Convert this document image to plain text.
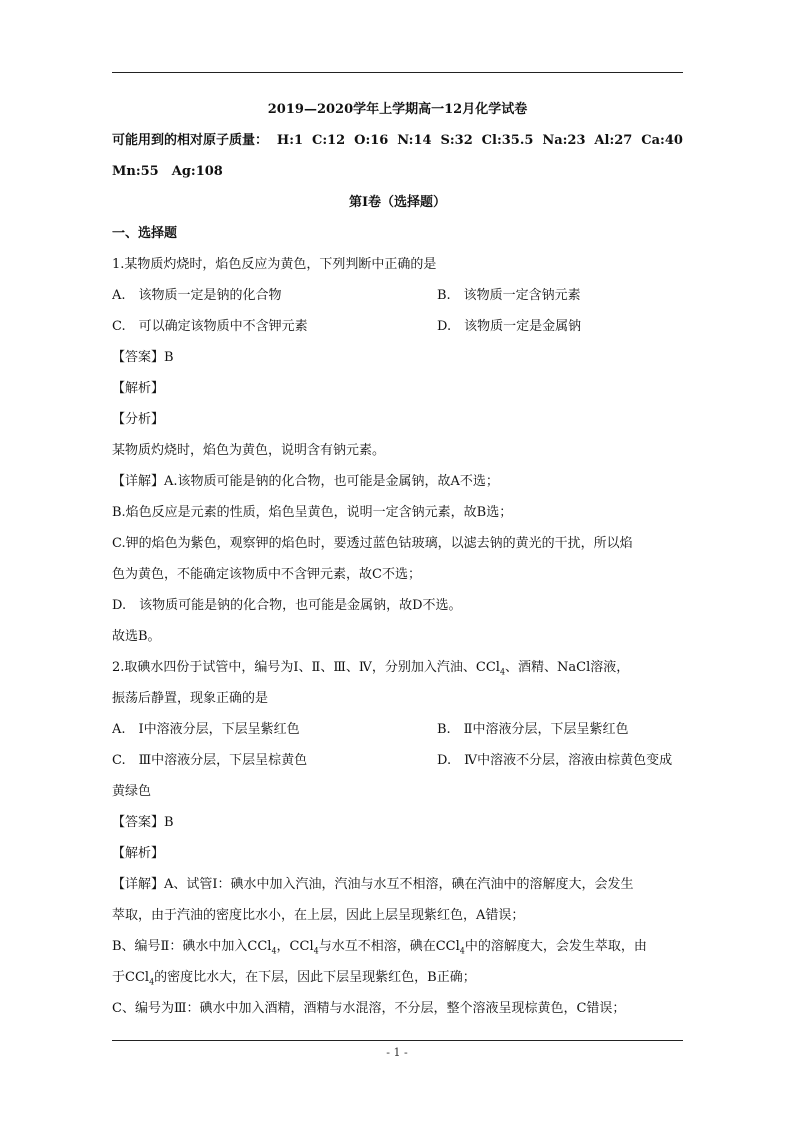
2019—2020学年上学期高一12月化学试卷
可能用到的相对原子质量： H:1 C:12 O:16 N:14 S:32 Cl:35.5 Na:23 Al:27 Ca:40
Mn:55　Ag:108
第Ⅰ卷（选择题）
一、选择题
1.某物质灼烧时，焰色反应为黄色，下列判断中正确的是
A.　该物质一定是钠的化合物	B.　该物质一定含钠元素
C.　可以确定该物质中不含钾元素	D.　该物质一定是金属钠
【答案】B
【解析】
【分析】
某物质灼烧时，焰色为黄色，说明含有钠元素。
【详解】A.该物质可能是钠的化合物，也可能是金属钠，故A不选；
B.焰色反应是元素的性质，焰色呈黄色，说明一定含钠元素，故B选；
C.钾的焰色为紫色，观察钾的焰色时，要透过蓝色钴玻璃，以滤去钠的黄光的干扰，所以焰
色为黄色，不能确定该物质中不含钾元素，故C不选；
D.　该物质可能是钠的化合物，也可能是金属钠，故D不选。
故选B。
2.取碘水四份于试管中，编号为Ⅰ、Ⅱ、Ⅲ、Ⅳ，分别加入汽油、CCl$_4$、酒精、NaCl溶液，
振荡后静置，现象正确的是
A.　Ⅰ中溶液分层，下层呈紫红色	B.　Ⅱ中溶液分层，下层呈紫红色
C.　Ⅲ中溶液分层，下层呈棕黄色	D.　Ⅳ中溶液不分层，溶液由棕黄色变成
黄绿色
【答案】B
【解析】
【详解】A、试管Ⅰ：碘水中加入汽油，汽油与水互不相溶，碘在汽油中的溶解度大，会发生
萃取，由于汽油的密度比水小，在上层，因此上层呈现紫红色，A错误；
B、编号Ⅱ：碘水中加入CCl$_4$，CCl$_4$与水互不相溶，碘在CCl$_4$中的溶解度大，会发生萃取，由
于CCl$_4$的密度比水大，在下层，因此下层呈现紫红色，B正确；
C、编号为Ⅲ：碘水中加入酒精，酒精与水混溶，不分层，整个溶液呈现棕黄色，C错误；
- 1 -
